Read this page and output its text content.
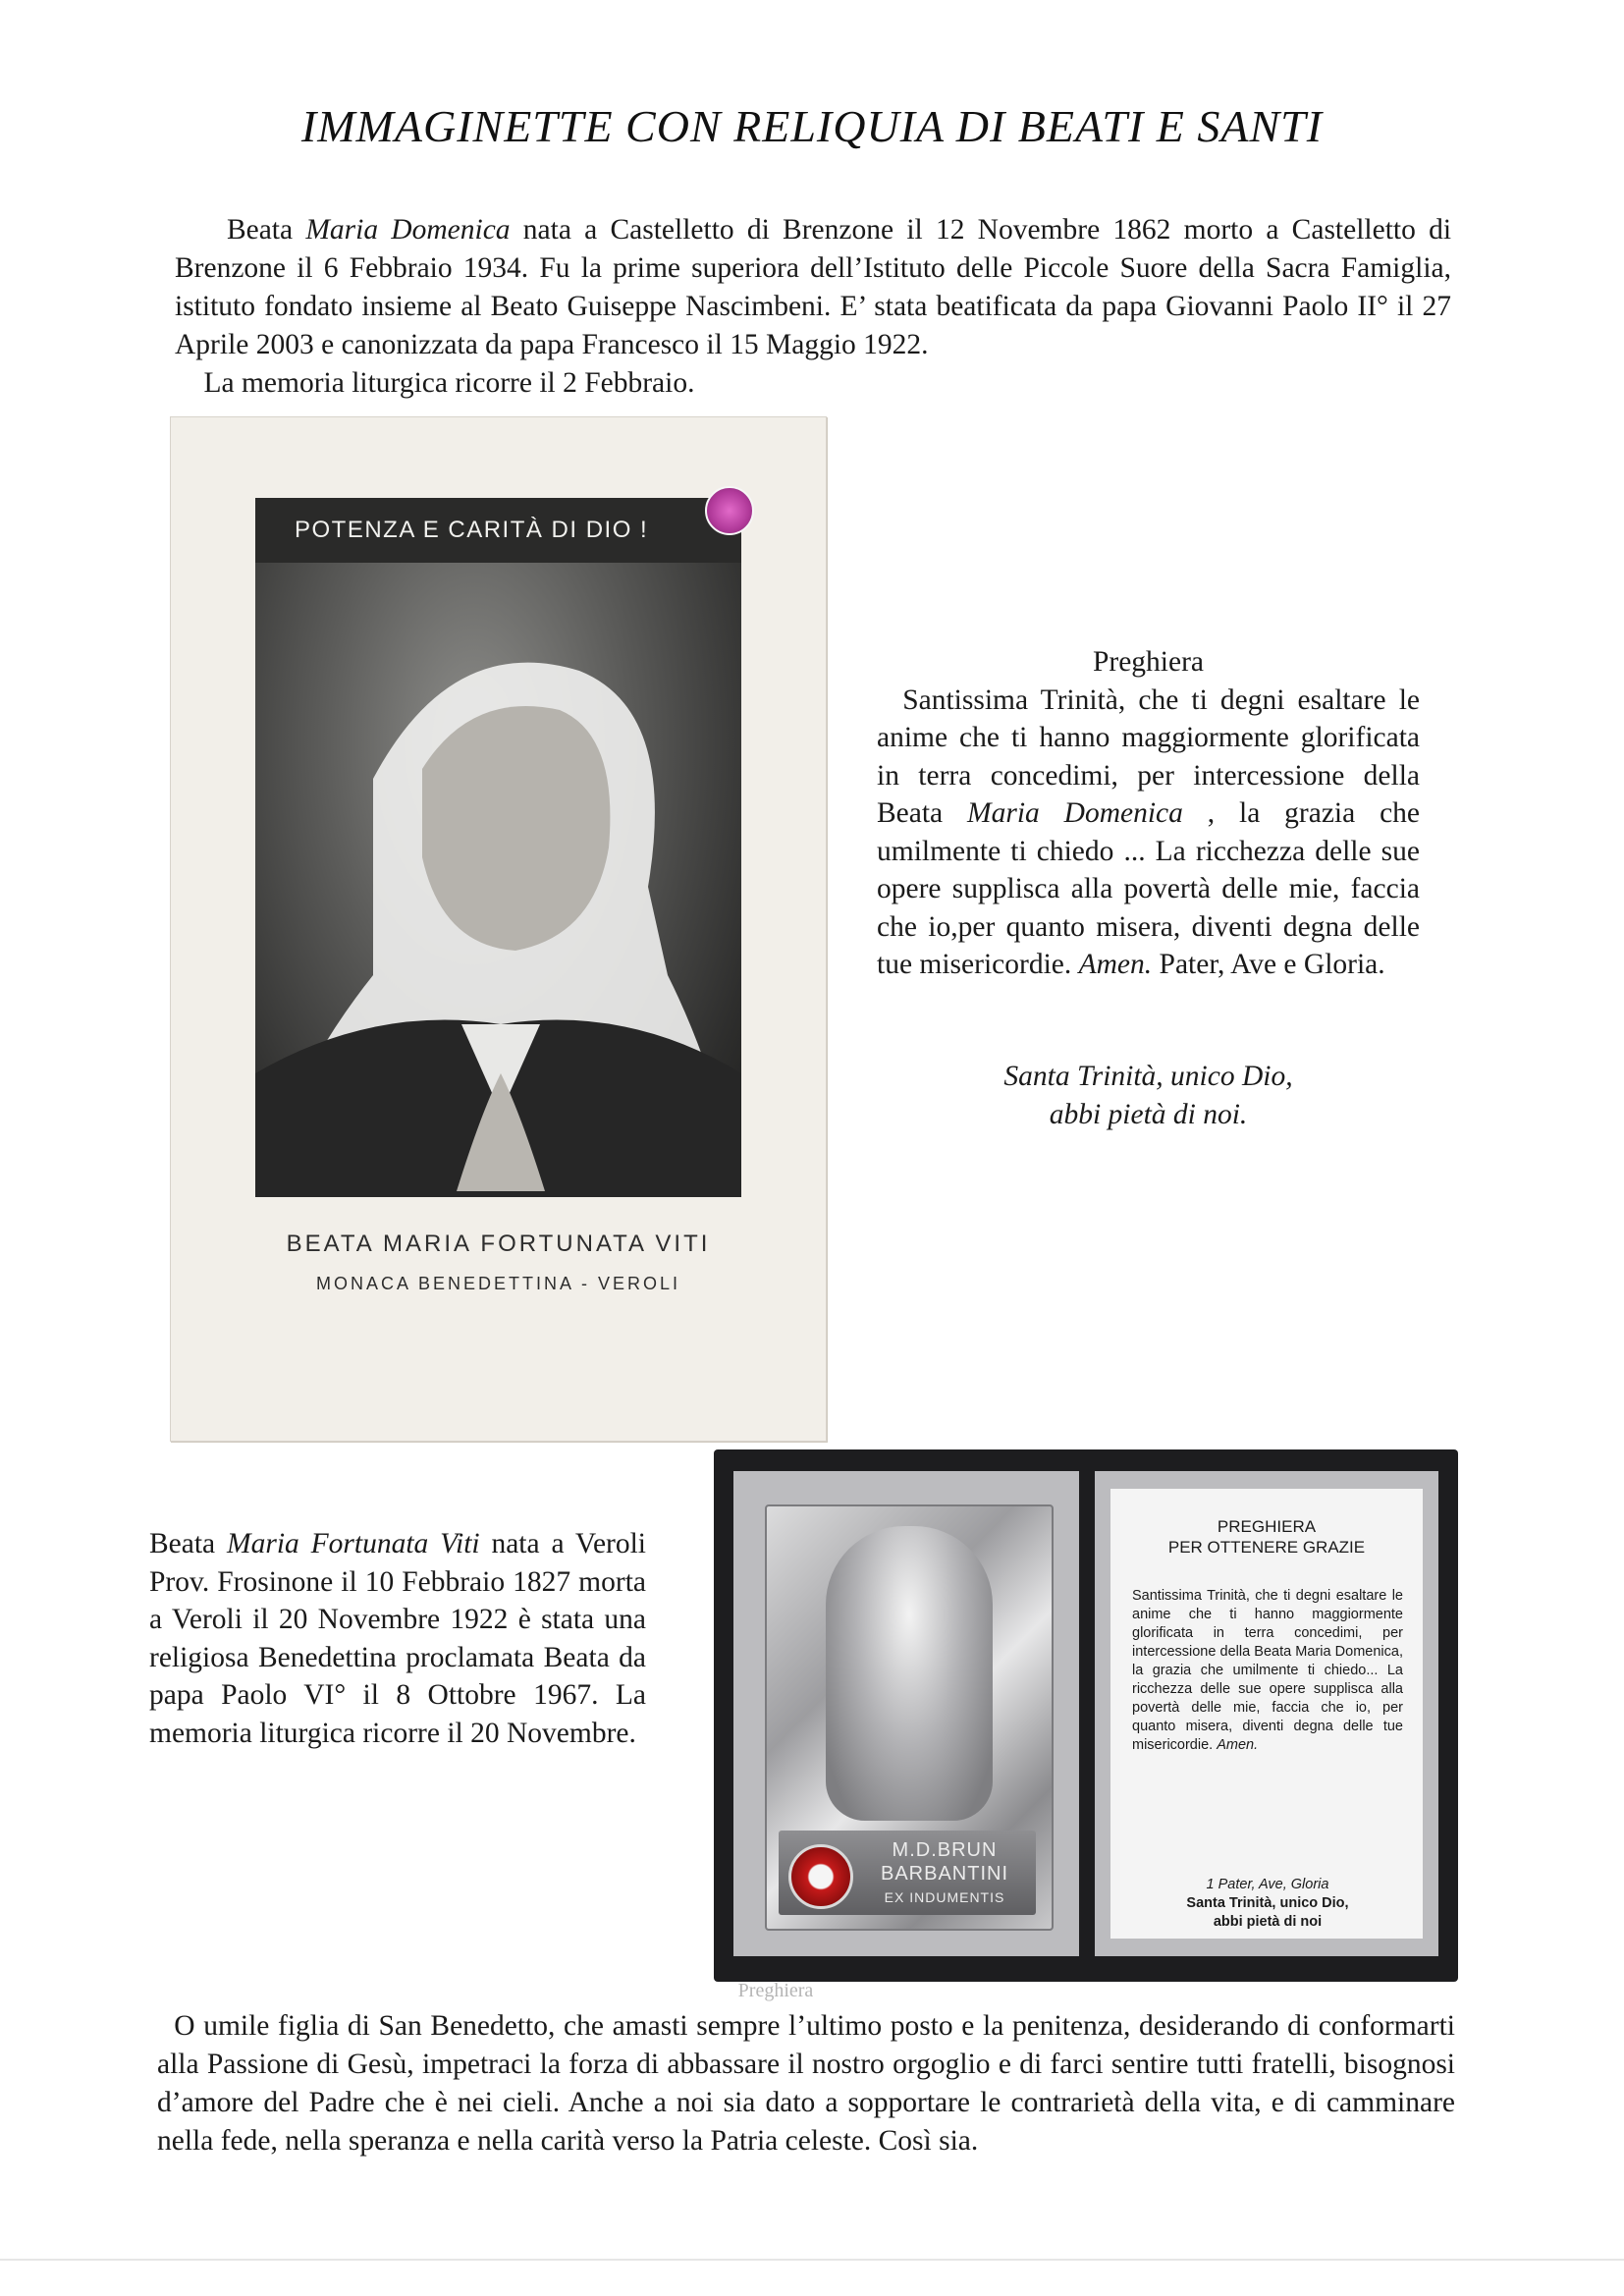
IMMAGINETTE CON RELIQUIA DI BEATI E SANTI

Beata Maria Domenica nata a Castelletto di Brenzone il 12 Novembre 1862 morto a Castelletto di Brenzone il 6 Febbraio 1934. Fu la prime superiora dell’Istituto delle Piccole Suore della Sacra Famiglia, istituto fondato insieme al Beato Guiseppe Nascimbeni. E’ stata beatificata da papa Giovanni Paolo II° il 27 Aprile 2003 e canonizzata da papa Francesco il 15 Maggio 1922.

La memoria liturgica ricorre il 2 Febbraio.

POTENZA E CARITÀ DI DIO !
BEATA MARIA FORTUNATA VITI
MONACA BENEDETTINA - VEROLI

Preghiera

Santissima Trinità, che ti degni esaltare le anime che ti hanno maggiormente glorificata in terra concedimi, per intercessione della Beata Maria Domenica , la grazia che umilmente ti chiedo ... La ricchezza delle sue opere supplisca alla povertà delle mie, faccia che io,per quanto misera, diventi degna delle tue misericordie. Amen. Pater, Ave e Gloria.

Santa Trinità, unico Dio,
abbi pietà di noi.

Beata Maria Fortunata Viti nata a Veroli Prov. Frosinone il 10 Febbraio 1827 morta a Veroli il 20 Novembre 1922 è stata una religiosa Benedettina proclamata Beata da papa Paolo VI° il 8 Ottobre 1967. La memoria liturgica ricorre il 20 Novembre.

M.D.BRUN
BARBANTINI
EX INDUMENTIS
PREGHIERA
PER OTTENERE GRAZIE

Santissima Trinità, che ti degni esaltare le anime che ti hanno maggiormente glorificata in terra concedimi, per intercessione della Beata Maria Domenica, la grazia che umilmente ti chiedo... La ricchezza delle sue opere supplisca alla povertà delle mie, faccia che io, per quanto misera, diventi degna delle tue misericordie. Amen.

1 Pater, Ave, Gloria
Santa Trinità, unico Dio,
abbi pietà di noi
Preghiera

O umile figlia di San Benedetto, che amasti sempre l’ultimo posto e la penitenza, desiderando di conformarti alla Passione di Gesù, impetraci la forza di abbassare il nostro orgoglio e di farci sentire tutti fratelli, bisognosi d’amore del Padre che è nei cieli. Anche a noi sia dato a sopportare le contrarietà della vita, e di camminare nella fede, nella speranza e nella carità verso la Patria celeste. Così sia.
